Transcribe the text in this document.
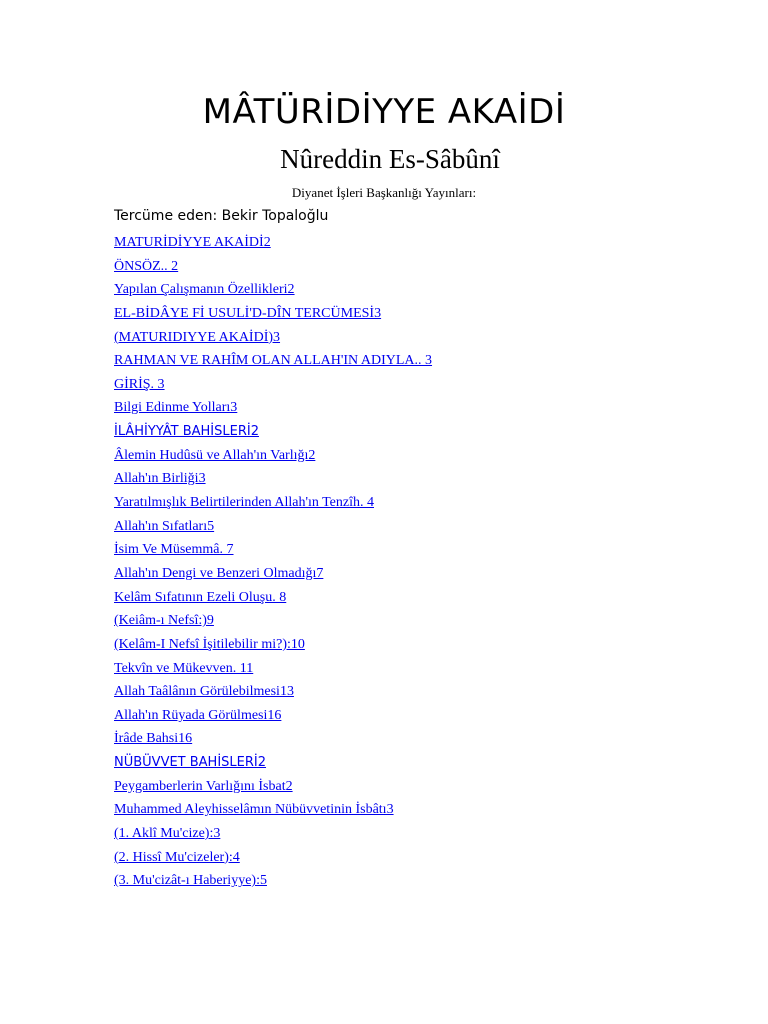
MÂTÜRİDİYYE AKAİDİ
Nûreddin Es-Sâbûnî
Diyanet İşleri Başkanlığı Yayınları:
Tercüme eden: Bekir Topaloğlu
MATURİDİYYE AKAİDİ2
ÖNSÖZ.. 2
Yapılan Çalışmanın Özellikleri2
EL-BİDÂYE Fİ USULİ'D-DÎN TERCÜMESİ3
(MATURIDIYYE AKAİDİ)3
RAHMAN VE RAHÎM OLAN ALLAH'IN ADIYLA.. 3
GİRİŞ. 3
Bilgi Edinme Yolları3
İLÂHİYYÂT BAHİSLERİ2
Âlemin Hudûsü ve Allah'ın Varlığı2
Allah'ın Birliği3
Yaratılmışlık Belirtilerinden Allah'ın Tenzîh. 4
Allah'ın Sıfatları5
İsim Ve Müsemmâ. 7
Allah'ın Dengi ve Benzeri Olmadığı7
Kelâm Sıfatının Ezeli Oluşu. 8
(Keiâm-ı Nefsî:)9
(Kelâm-I Nefsî İşitilebilir mi?):10
Tekvîn ve Mükevven. 11
Allah Taâlânın Görülebilmesi13
Allah'ın Rüyada Görülmesi16
İrâde Bahsi16
NÜBÜVVET BAHİSLERİ2
Peygamberlerin Varlığını İsbat2
Muhammed Aleyhisselâmın Nübüvvetinin İsbâtı3
(1. Aklî Mu'cize):3
(2. Hissî Mu'cizeler):4
(3. Mu'cizât-ı Haberiyye):5
